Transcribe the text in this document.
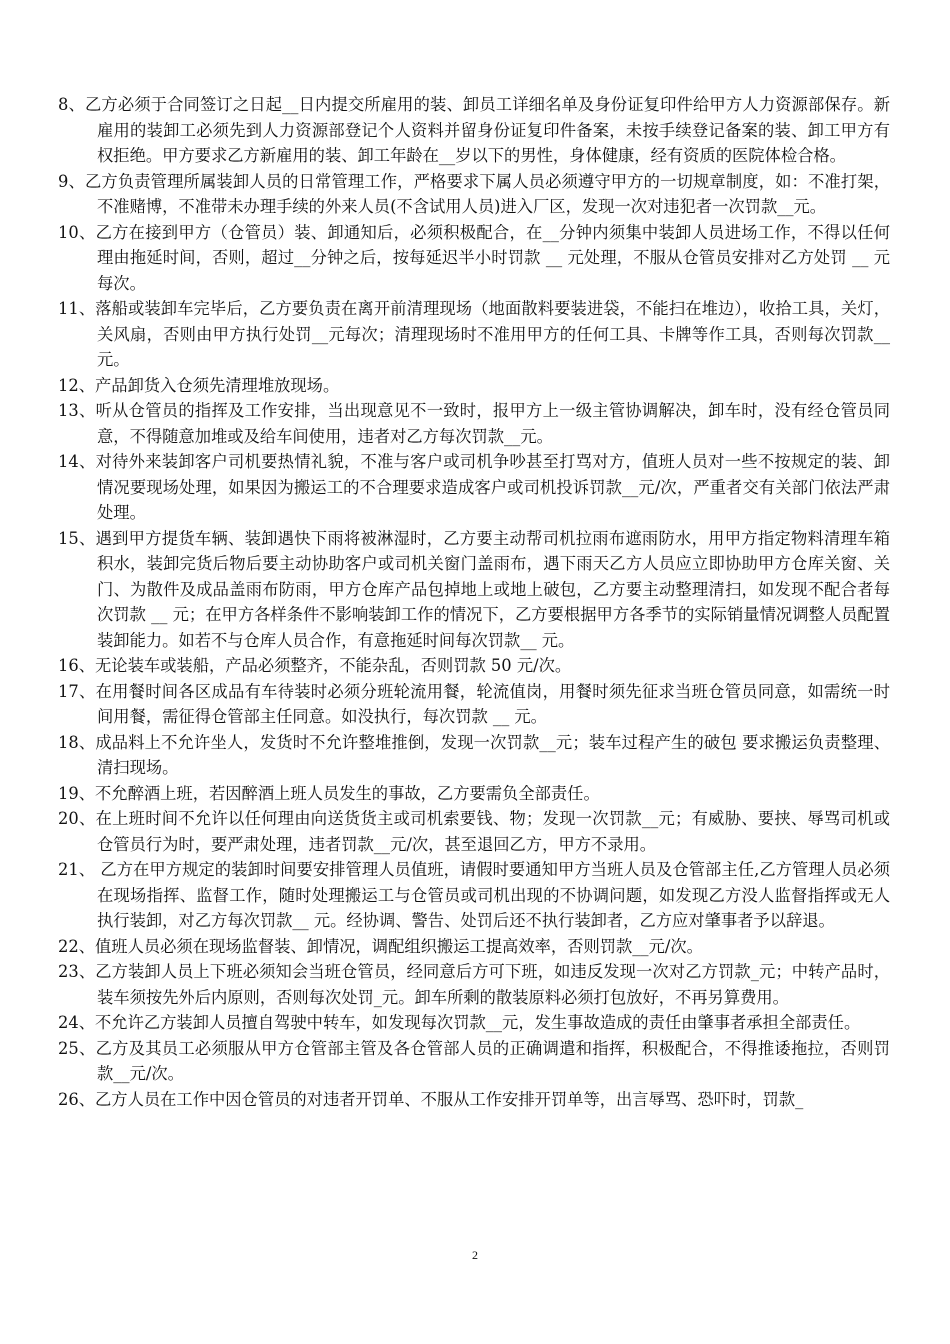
8、乙方必须于合同签订之日起__日内提交所雇用的装、卸员工详细名单及身份证复印件给甲方人力资源部保存。新雇用的装卸工必须先到人力资源部登记个人资料并留身份证复印件备案，未按手续登记备案的装、卸工甲方有权拒绝。甲方要求乙方新雇用的装、卸工年龄在__岁以下的男性，身体健康，经有资质的医院体检合格。

9、乙方负责管理所属装卸人员的日常管理工作，严格要求下属人员必须遵守甲方的一切规章制度，如：不准打架，不准赌博，不准带未办理手续的外来人员(不含试用人员)进入厂区，发现一次对违犯者一次罚款__元。

10、乙方在接到甲方（仓管员）装、卸通知后，必须积极配合，在__分钟内须集中装卸人员进场工作，不得以任何理由拖延时间，否则，超过__分钟之后，按每延迟半小时罚款 __ 元处理，不服从仓管员安排对乙方处罚 __ 元每次。

11、落船或装卸车完毕后，乙方要负责在离开前清理现场（地面散料要装进袋，不能扫在堆边），收拾工具，关灯，关风扇，否则由甲方执行处罚__元每次；清理现场时不准用甲方的任何工具、卡牌等作工具，否则每次罚款__元。

12、产品卸货入仓须先清理堆放现场。

13、听从仓管员的指挥及工作安排，当出现意见不一致时，报甲方上一级主管协调解决，卸车时，没有经仓管员同意，不得随意加堆或及给车间使用，违者对乙方每次罚款__元。

14、对待外来装卸客户司机要热情礼貌，不准与客户或司机争吵甚至打骂对方，值班人员对一些不按规定的装、卸情况要现场处理，如果因为搬运工的不合理要求造成客户或司机投诉罚款__元/次，严重者交有关部门依法严肃处理。

15、遇到甲方提货车辆、装卸遇快下雨将被淋湿时，乙方要主动帮司机拉雨布遮雨防水，用甲方指定物料清理车箱积水，装卸完货后物后要主动协助客户或司机关窗门盖雨布，遇下雨天乙方人员应立即协助甲方仓库关窗、关门、为散件及成品盖雨布防雨，甲方仓库产品包掉地上或地上破包，乙方要主动整理清扫，如发现不配合者每次罚款 __ 元；在甲方各样条件不影响装卸工作的情况下，乙方要根据甲方各季节的实际销量情况调整人员配置装卸能力。如若不与仓库人员合作，有意拖延时间每次罚款__ 元。

16、无论装车或装船，产品必须整齐，不能杂乱，否则罚款 50 元/次。

17、在用餐时间各区成品有车待装时必须分班轮流用餐，轮流值岗，用餐时须先征求当班仓管员同意，如需统一时间用餐，需征得仓管部主任同意。如没执行，每次罚款 __ 元。

18、成品料上不允许坐人，发货时不允许整堆推倒，发现一次罚款__元；装车过程产生的破包 要求搬运负责整理、清扫现场。

19、不允醉酒上班，若因醉酒上班人员发生的事故，乙方要需负全部责任。

20、在上班时间不允许以任何理由向送货货主或司机索要钱、物；发现一次罚款__元；有威胁、要挟、辱骂司机或仓管员行为时，要严肃处理，违者罚款__元/次，甚至退回乙方，甲方不录用。

21、 乙方在甲方规定的装卸时间要安排管理人员值班，请假时要通知甲方当班人员及仓管部主任,乙方管理人员必须在现场指挥、监督工作，随时处理搬运工与仓管员或司机出现的不协调问题，如发现乙方没人监督指挥或无人执行装卸，对乙方每次罚款__ 元。经协调、警告、处罚后还不执行装卸者，乙方应对肇事者予以辞退。

22、值班人员必须在现场监督装、卸情况，调配组织搬运工提高效率，否则罚款__元/次。

23、乙方装卸人员上下班必须知会当班仓管员，经同意后方可下班，如违反发现一次对乙方罚款_元；中转产品时，装车须按先外后内原则，否则每次处罚_元。卸车所剩的散装原料必须打包放好，不再另算费用。

24、不允许乙方装卸人员擅自驾驶中转车，如发现每次罚款__元，发生事故造成的责任由肇事者承担全部责任。

25、乙方及其员工必须服从甲方仓管部主管及各仓管部人员的正确调遣和指挥，积极配合，不得推诿拖拉，否则罚款__元/次。

26、乙方人员在工作中因仓管员的对违者开罚单、不服从工作安排开罚单等，出言辱骂、恐吓时，罚款_

2
